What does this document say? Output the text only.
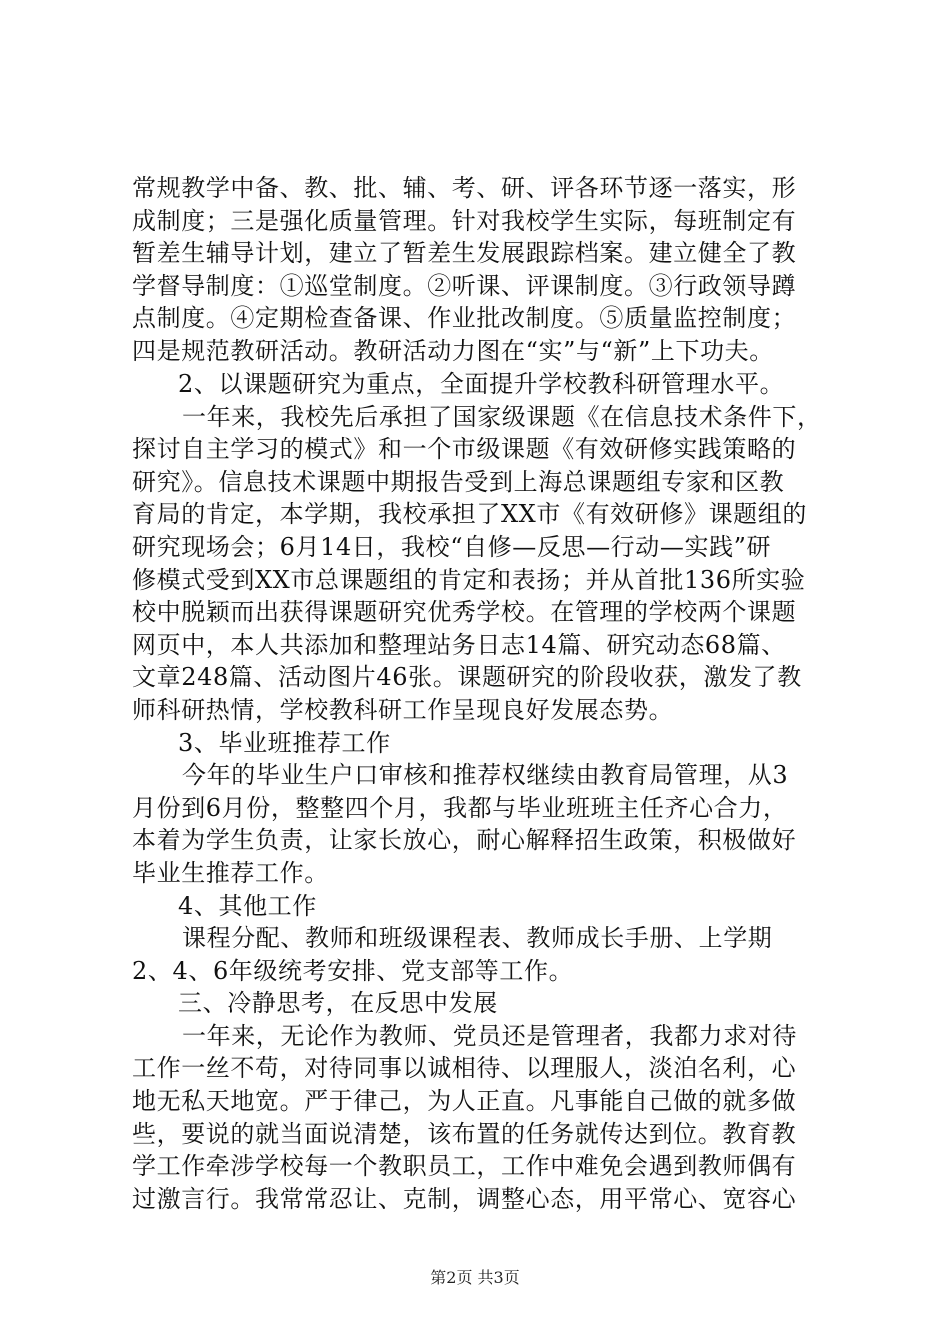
常规教学中备、教、批、辅、考、研、评各环节逐一落实，形
成制度；三是强化质量管理。针对我校学生实际，每班制定有
暂差生辅导计划，建立了暂差生发展跟踪档案。建立健全了教
学督导制度：①巡堂制度。②听课、评课制度。③行政领导蹲
点制度。④定期检查备课、作业批改制度。⑤质量监控制度；
四是规范教研活动。教研活动力图在“实”与“新”上下功夫。
2、以课题研究为重点，全面提升学校教科研管理水平。
一年来，我校先后承担了国家级课题《在信息技术条件下，
探讨自主学习的模式》和一个市级课题《有效研修实践策略的
研究》。信息技术课题中期报告受到上海总课题组专家和区教
育局的肯定，本学期，我校承担了XX市《有效研修》课题组的
研究现场会；6月14日，我校“自修—反思—行动—实践”研
修模式受到XX市总课题组的肯定和表扬；并从首批136所实验
校中脱颖而出获得课题研究优秀学校。在管理的学校两个课题
网页中，本人共添加和整理站务日志14篇、研究动态68篇、
文章248篇、活动图片46张。课题研究的阶段收获，激发了教
师科研热情，学校教科研工作呈现良好发展态势。
3、毕业班推荐工作
今年的毕业生户口审核和推荐权继续由教育局管理，从3
月份到6月份，整整四个月，我都与毕业班班主任齐心合力，
本着为学生负责，让家长放心，耐心解释招生政策，积极做好
毕业生推荐工作。
4、其他工作
课程分配、教师和班级课程表、教师成长手册、上学期
2、4、6年级统考安排、党支部等工作。
三、冷静思考，在反思中发展
一年来，无论作为教师、党员还是管理者，我都力求对待
工作一丝不苟，对待同事以诚相待、以理服人，淡泊名利，心
地无私天地宽。严于律己，为人正直。凡事能自己做的就多做
些，要说的就当面说清楚，该布置的任务就传达到位。教育教
学工作牵涉学校每一个教职员工，工作中难免会遇到教师偶有
过激言行。我常常忍让、克制，调整心态，用平常心、宽容心
第2页 共3页
